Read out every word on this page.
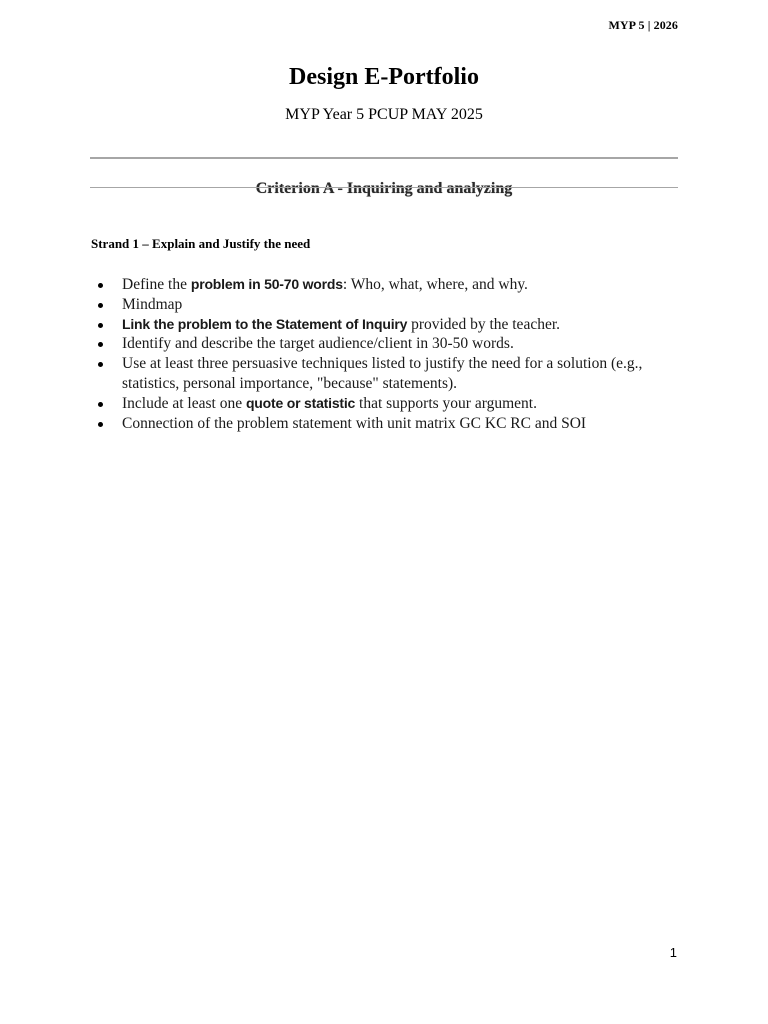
MYP 5 | 2026
Design E-Portfolio
MYP Year 5 PCUP MAY 2025
Criterion A - Inquiring and analyzing
Strand 1 – Explain and Justify the need
Define the problem in 50-70 words: Who, what, where, and why.
Mindmap
Link the problem to the Statement of Inquiry provided by the teacher.
Identify and describe the target audience/client in 30-50 words.
Use at least three persuasive techniques listed to justify the need for a solution (e.g., statistics, personal importance, "because" statements).
Include at least one quote or statistic that supports your argument.
Connection of the problem statement with unit matrix GC KC RC and SOI
1
